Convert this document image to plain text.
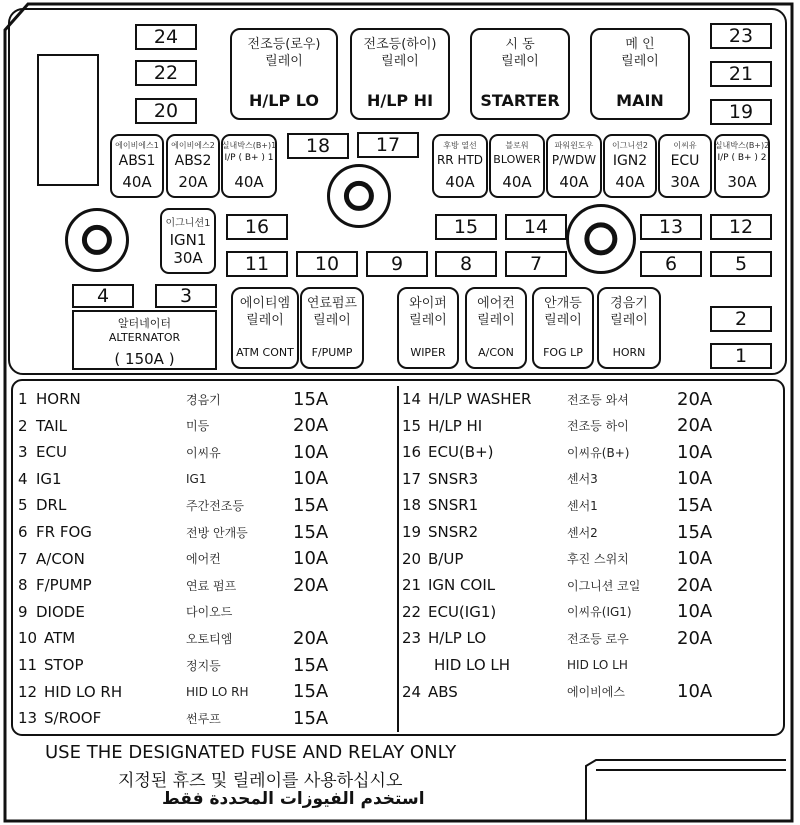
24
22
20
23
21
19
18	17
16	15	14	13	12
11	10	9	8	7	6	5
4	3
2
1
전조등(로우)
릴레이
H/LP LO
전조등(하이)
릴레이
H/LP HI
시 동
릴레이
STARTER
메 인
릴레이
MAIN
에이비에스1
ABS1
40A
에이비에스2
ABS2
20A
실내박스(B+)1
I/P ( B+ ) 1
40A
후방 열선
RR HTD
40A
블로워
BLOWER
40A
파워윈도우
P/WDW
40A
이그니션2
IGN2
40A
이씨유
ECU
30A
실내박스(B+)2
I/P ( B+ ) 2
30A
이그니션1
IGN1
30A
알터네이터
ALTERNATOR
( 150A )
에이티엠
릴레이
ATM CONT
연료펌프
릴레이
F/PUMP
와이퍼
릴레이
WIPER
에어컨
릴레이
A/CON
안개등
릴레이
FOG LP
경음기
릴레이
HORN
1 HORN	경음기	15A
2 TAIL	미등	20A
3 ECU	이씨유	10A
4 IG1	IG1	10A
5 DRL	주간전조등	15A
6 FR FOG	전방 안개등	15A
7 A/CON	에어컨	10A
8 F/PUMP	연료 펌프	20A
9 DIODE	다이오드
10 ATM	오토티엠	20A
11 STOP	정지등	15A
12 HID LO RH	HID LO RH 15A
13 S/ROOF	썬루프	15A
14 H/LP WASHER	전조등 와셔	20A
15 H/LP HI	전조등 하이	20A
16 ECU(B+)	이씨유(B+)	10A
17 SNSR3	센서3	10A
18 SNSR1	센서1	15A
19 SNSR2	센서2	15A
20 B/UP	후진 스위치	10A
21 IGN COIL	이그니션 코일 20A
22 ECU(IG1)	이씨유(IG1)	10A
23 H/LP LO	전조등 로우	20A
HID LO LH	HID LO LH
24 ABS	에이비에스	10A
USE THE DESIGNATED FUSE AND RELAY ONLY
지정된 휴즈 및 릴레이를 사용하십시오
استخدم الفيوزات المحددة فقط
